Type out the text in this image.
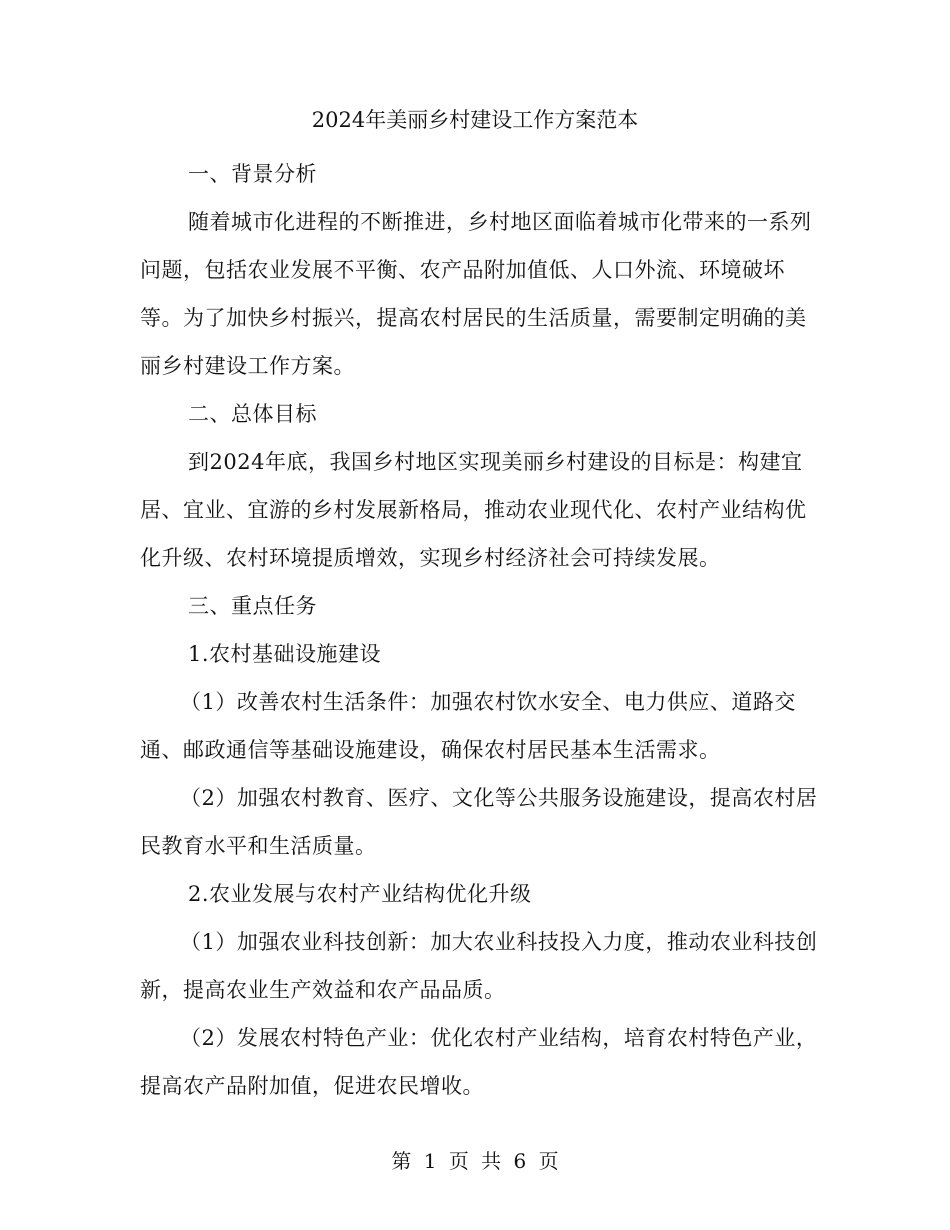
2024年美丽乡村建设工作方案范本

一、背景分析

随着城市化进程的不断推进，乡村地区面临着城市化带来的一系列问题，包括农业发展不平衡、农产品附加值低、人口外流、环境破坏等。为了加快乡村振兴，提高农村居民的生活质量，需要制定明确的美丽乡村建设工作方案。

二、总体目标

到2024年底，我国乡村地区实现美丽乡村建设的目标是：构建宜居、宜业、宜游的乡村发展新格局，推动农业现代化、农村产业结构优化升级、农村环境提质增效，实现乡村经济社会可持续发展。

三、重点任务

1.农村基础设施建设

（1）改善农村生活条件：加强农村饮水安全、电力供应、道路交通、邮政通信等基础设施建设，确保农村居民基本生活需求。

（2）加强农村教育、医疗、文化等公共服务设施建设，提高农村居民教育水平和生活质量。

2.农业发展与农村产业结构优化升级

（1）加强农业科技创新：加大农业科技投入力度，推动农业科技创新，提高农业生产效益和农产品品质。

（2）发展农村特色产业：优化农村产业结构，培育农村特色产业，提高农产品附加值，促进农民增收。

第 1 页 共 6 页
